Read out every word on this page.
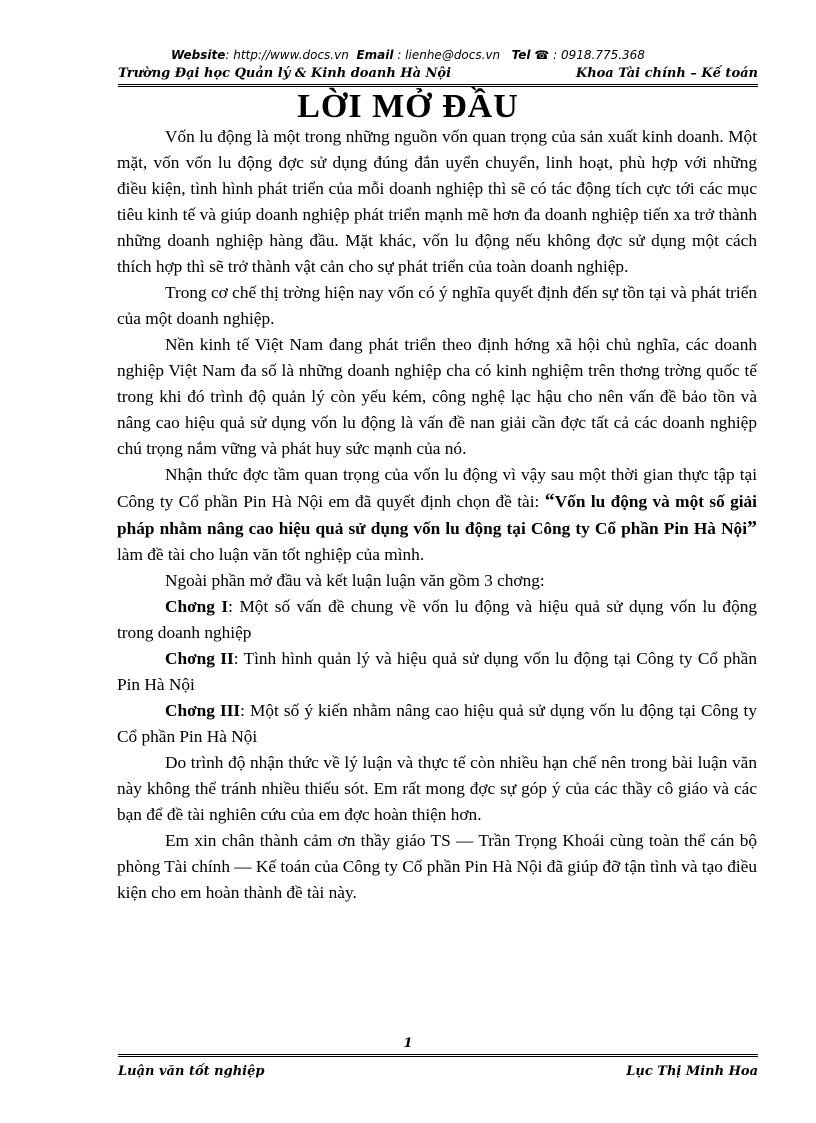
Website: http://www.docs.vn Email : lienhe@docs.vn Tel ☎ : 0918.775.368
Trường Đại học Quản lý & Kinh doanh Hà Nội	Khoa Tài chính – Kế toán
LỜI MỞ ĐẦU

Vốn lu động là một trong những nguồn vốn quan trọng của sản xuất kinh doanh. Một mặt, vốn vốn lu động đợc sử dụng đúng đắn uyển chuyển, linh hoạt, phù hợp với những điều kiện, tình hình phát triển của mỗi doanh nghiệp thì sẽ có tác động tích cực tới các mục tiêu kinh tế và giúp doanh nghiệp phát triển mạnh mẽ hơn đa doanh nghiệp tiến xa trở thành những doanh nghiệp hàng đầu. Mặt khác, vốn lu động nếu không đợc sử dụng một cách thích hợp thì sẽ trở thành vật cản cho sự phát triển của toàn doanh nghiệp.

Trong cơ chế thị trờng hiện nay vốn có ý nghĩa quyết định đến sự tồn tại và phát triển của một doanh nghiệp.

Nền kinh tế Việt Nam đang phát triển theo định hớng xã hội chủ nghĩa, các doanh nghiệp Việt Nam đa số là những doanh nghiệp cha có kinh nghiệm trên thơng trờng quốc tế trong khi đó trình độ quản lý còn yếu kém, công nghệ lạc hậu cho nên vấn đề bảo tồn và nâng cao hiệu quả sử dụng vốn lu động là vấn đề nan giải cần đợc tất cả các doanh nghiệp chú trọng nắm vững và phát huy sức mạnh của nó.

Nhận thức đợc tầm quan trọng của vốn lu động vì vậy sau một thời gian thực tập tại Công ty Cổ phần Pin Hà Nội em đã quyết định chọn đề tài: “Vốn lu động và một số giải pháp nhằm nâng cao hiệu quả sử dụng vốn lu động tại Công ty Cổ phần Pin Hà Nội” làm đề tài cho luận văn tốt nghiệp của mình.

Ngoài phần mở đầu và kết luận luận văn gồm 3 chơng:

Chơng I: Một số vấn đề chung về vốn lu động và hiệu quả sử dụng vốn lu động trong doanh nghiệp

Chơng II: Tình hình quản lý và hiệu quả sử dụng vốn lu động tại Công ty Cổ phần Pin Hà Nội

Chơng III: Một số ý kiến nhằm nâng cao hiệu quả sử dụng vốn lu động tại Công ty Cổ phần Pin Hà Nội

Do trình độ nhận thức về lý luận và thực tế còn nhiều hạn chế nên trong bài luận văn này không thể tránh nhiều thiếu sót. Em rất mong đợc sự góp ý của các thầy cô giáo và các bạn để đề tài nghiên cứu của em đợc hoàn thiện hơn.

Em xin chân thành cảm ơn thầy giáo TS — Trần Trọng Khoái cùng toàn thể cán bộ phòng Tài chính — Kế toán của Công ty Cổ phần Pin Hà Nội đã giúp đỡ tận tình và tạo điều kiện cho em hoàn thành đề tài này.

1
Luận văn tốt nghiệp	Lục Thị Minh Hoa
